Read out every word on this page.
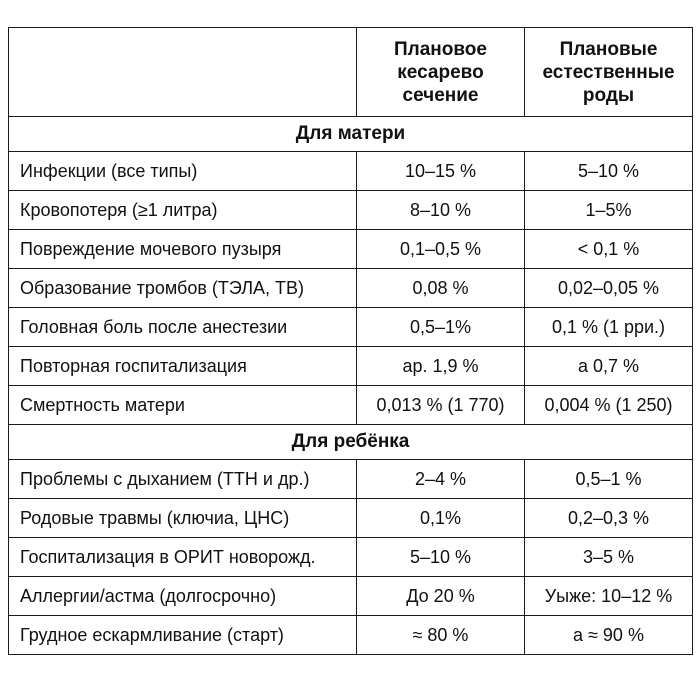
	Плановое кесарево сечение	Плановые естественные роды
Для матери		
Инфекции (все типы)	10–15 %	5–10 %
Кровопотеря (≥1 литра)	8–10 %	1–5%
Повреждение мочевого пузыря	0,1–0,5 %	< 0,1 %
Образование тромбов (ТЭЛА, ТВ)	0,08 %	0,02–0,05 %
Головная боль после анестезии	0,5–1%	0,1 % (1 рри.)
Повторная госпитализация	ар. 1,9 %	а 0,7 %
Смертность матери	0,013 % (1 770)	0,004 % (1 250)
Для ребёнка		
Проблемы с дыханием (ТТН и др.)	2–4 %	0,5–1 %
Родовые травмы (ключиа, ЦНС)	0,1%	0,2–0,3 %
Госпитализация в ОРИТ новорожд.	5–10 %	3–5 %
Аллергии/астма (долгосрочно)	До 20 %	Уыже: 10–12 %
Грудное ескармливание (старт)	≈ 80 %	а ≈ 90 %
